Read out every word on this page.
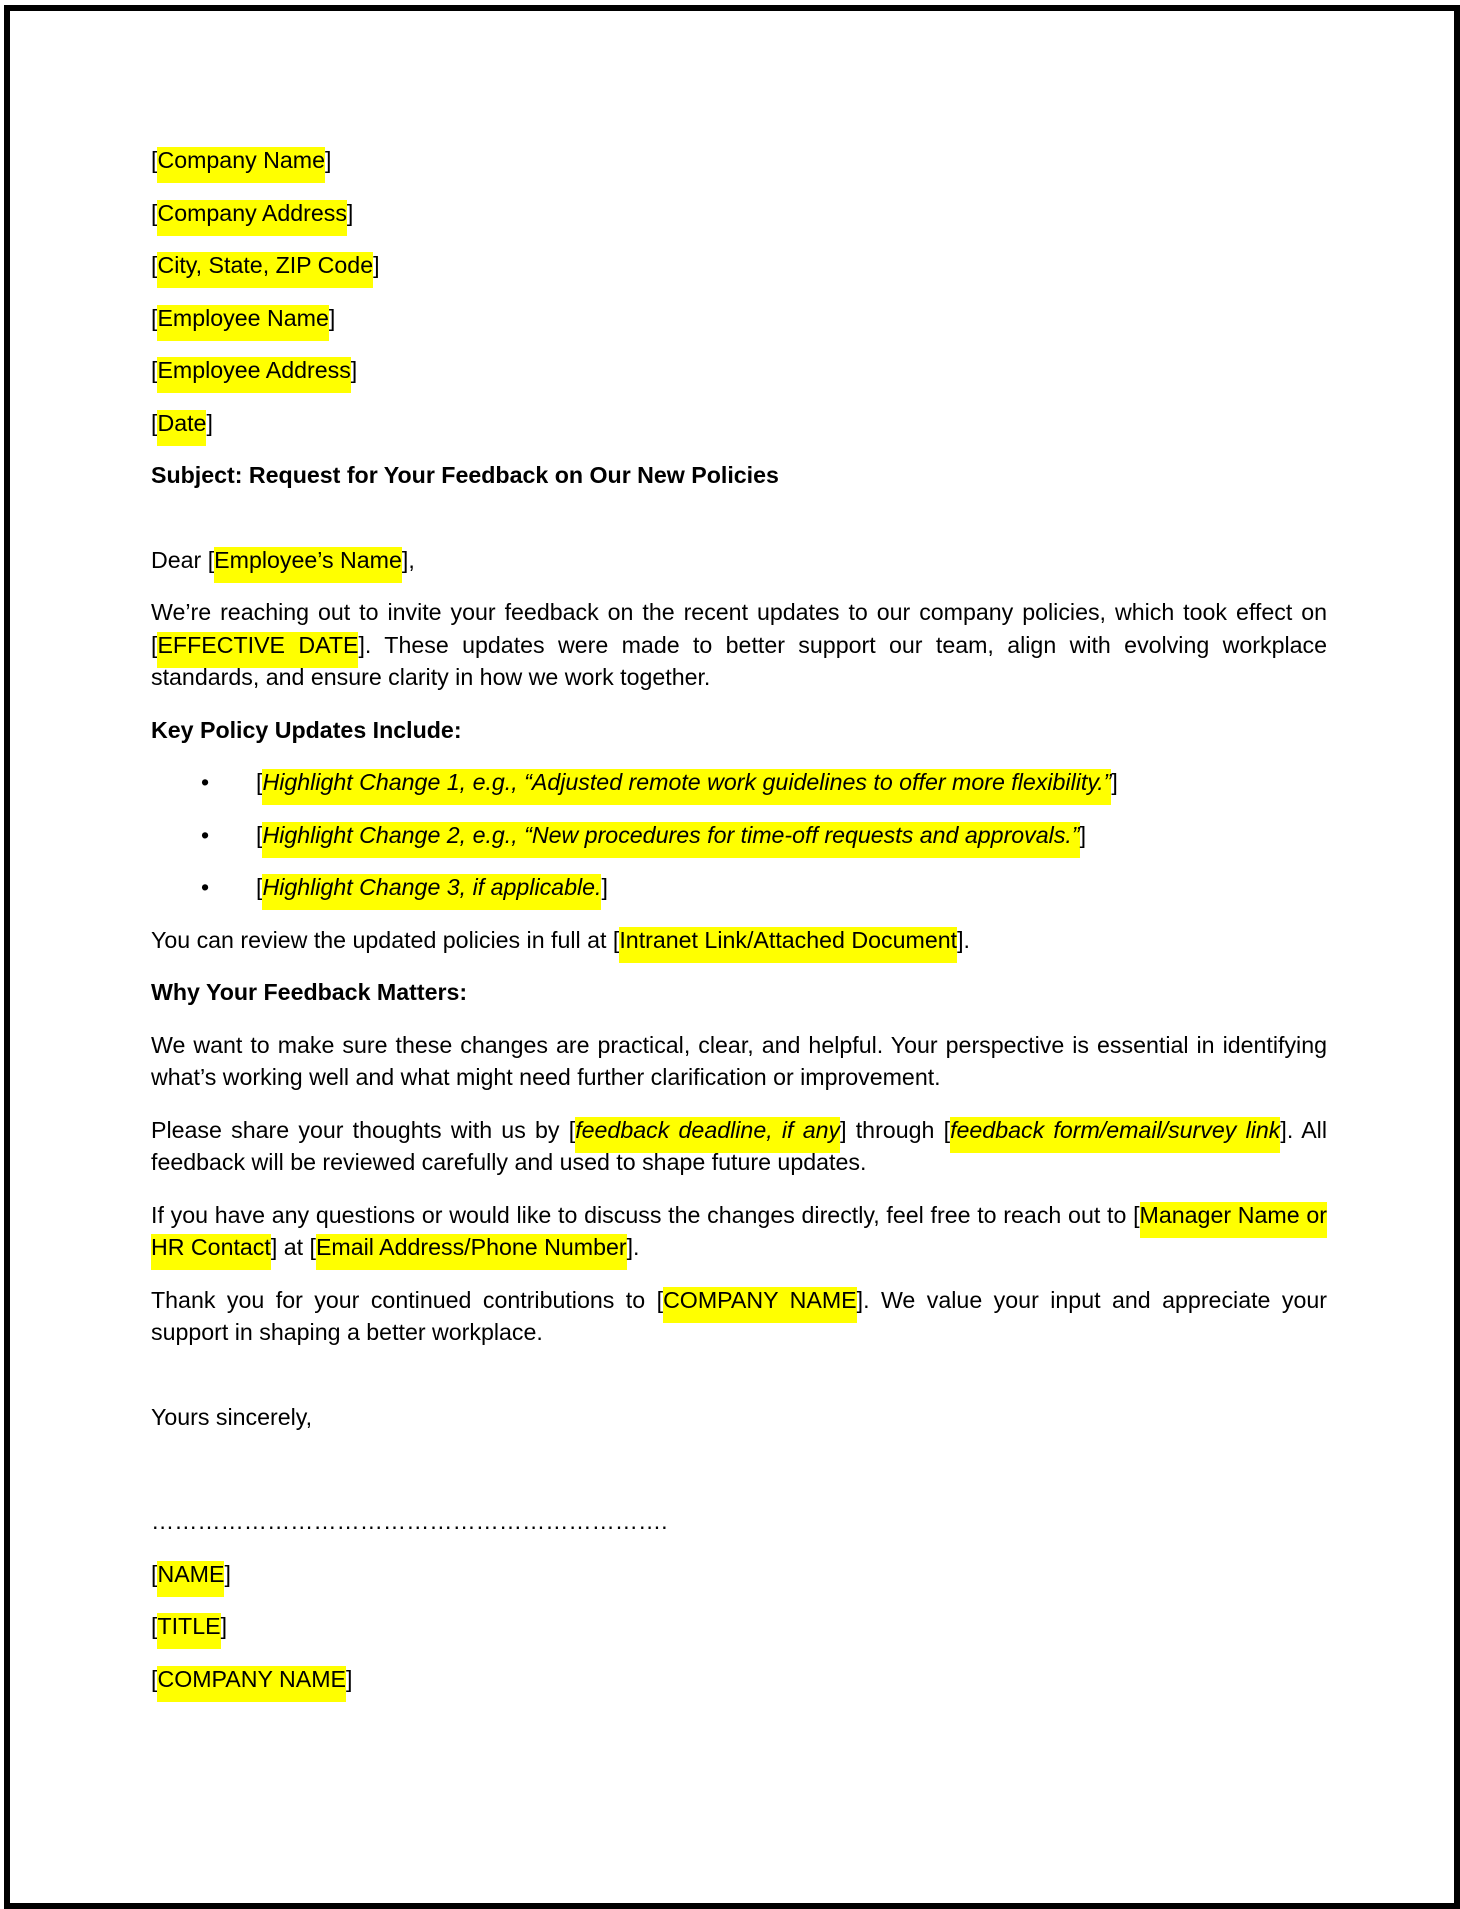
[Company Name]
[Company Address]
[City, State, ZIP Code]
[Employee Name]
[Employee Address]
[Date]
Subject: Request for Your Feedback on Our New Policies
Dear [Employee’s Name],

We’re reaching out to invite your feedback on the recent updates to our company policies, which took effect on [EFFECTIVE DATE]. These updates were made to better support our team, align with evolving workplace standards, and ensure clarity in how we work together.

Key Policy Updates Include:
• [Highlight Change 1, e.g., “Adjusted remote work guidelines to offer more flexibility.”]
• [Highlight Change 2, e.g., “New procedures for time-off requests and approvals.”]
• [Highlight Change 3, if applicable.]
You can review the updated policies in full at [Intranet Link/Attached Document].
Why Your Feedback Matters:

We want to make sure these changes are practical, clear, and helpful. Your perspective is essential in identifying what’s working well and what might need further clarification or improvement.

Please share your thoughts with us by [feedback deadline, if any] through [feedback form/email/survey link]. All feedback will be reviewed carefully and used to shape future updates.

If you have any questions or would like to discuss the changes directly, feel free to reach out to [Manager Name or HR Contact] at [Email Address/Phone Number].

Thank you for your continued contributions to [COMPANY NAME]. We value your input and appreciate your support in shaping a better workplace.

Yours sincerely,
………………………………………………………….
[NAME]
[TITLE]
[COMPANY NAME]
